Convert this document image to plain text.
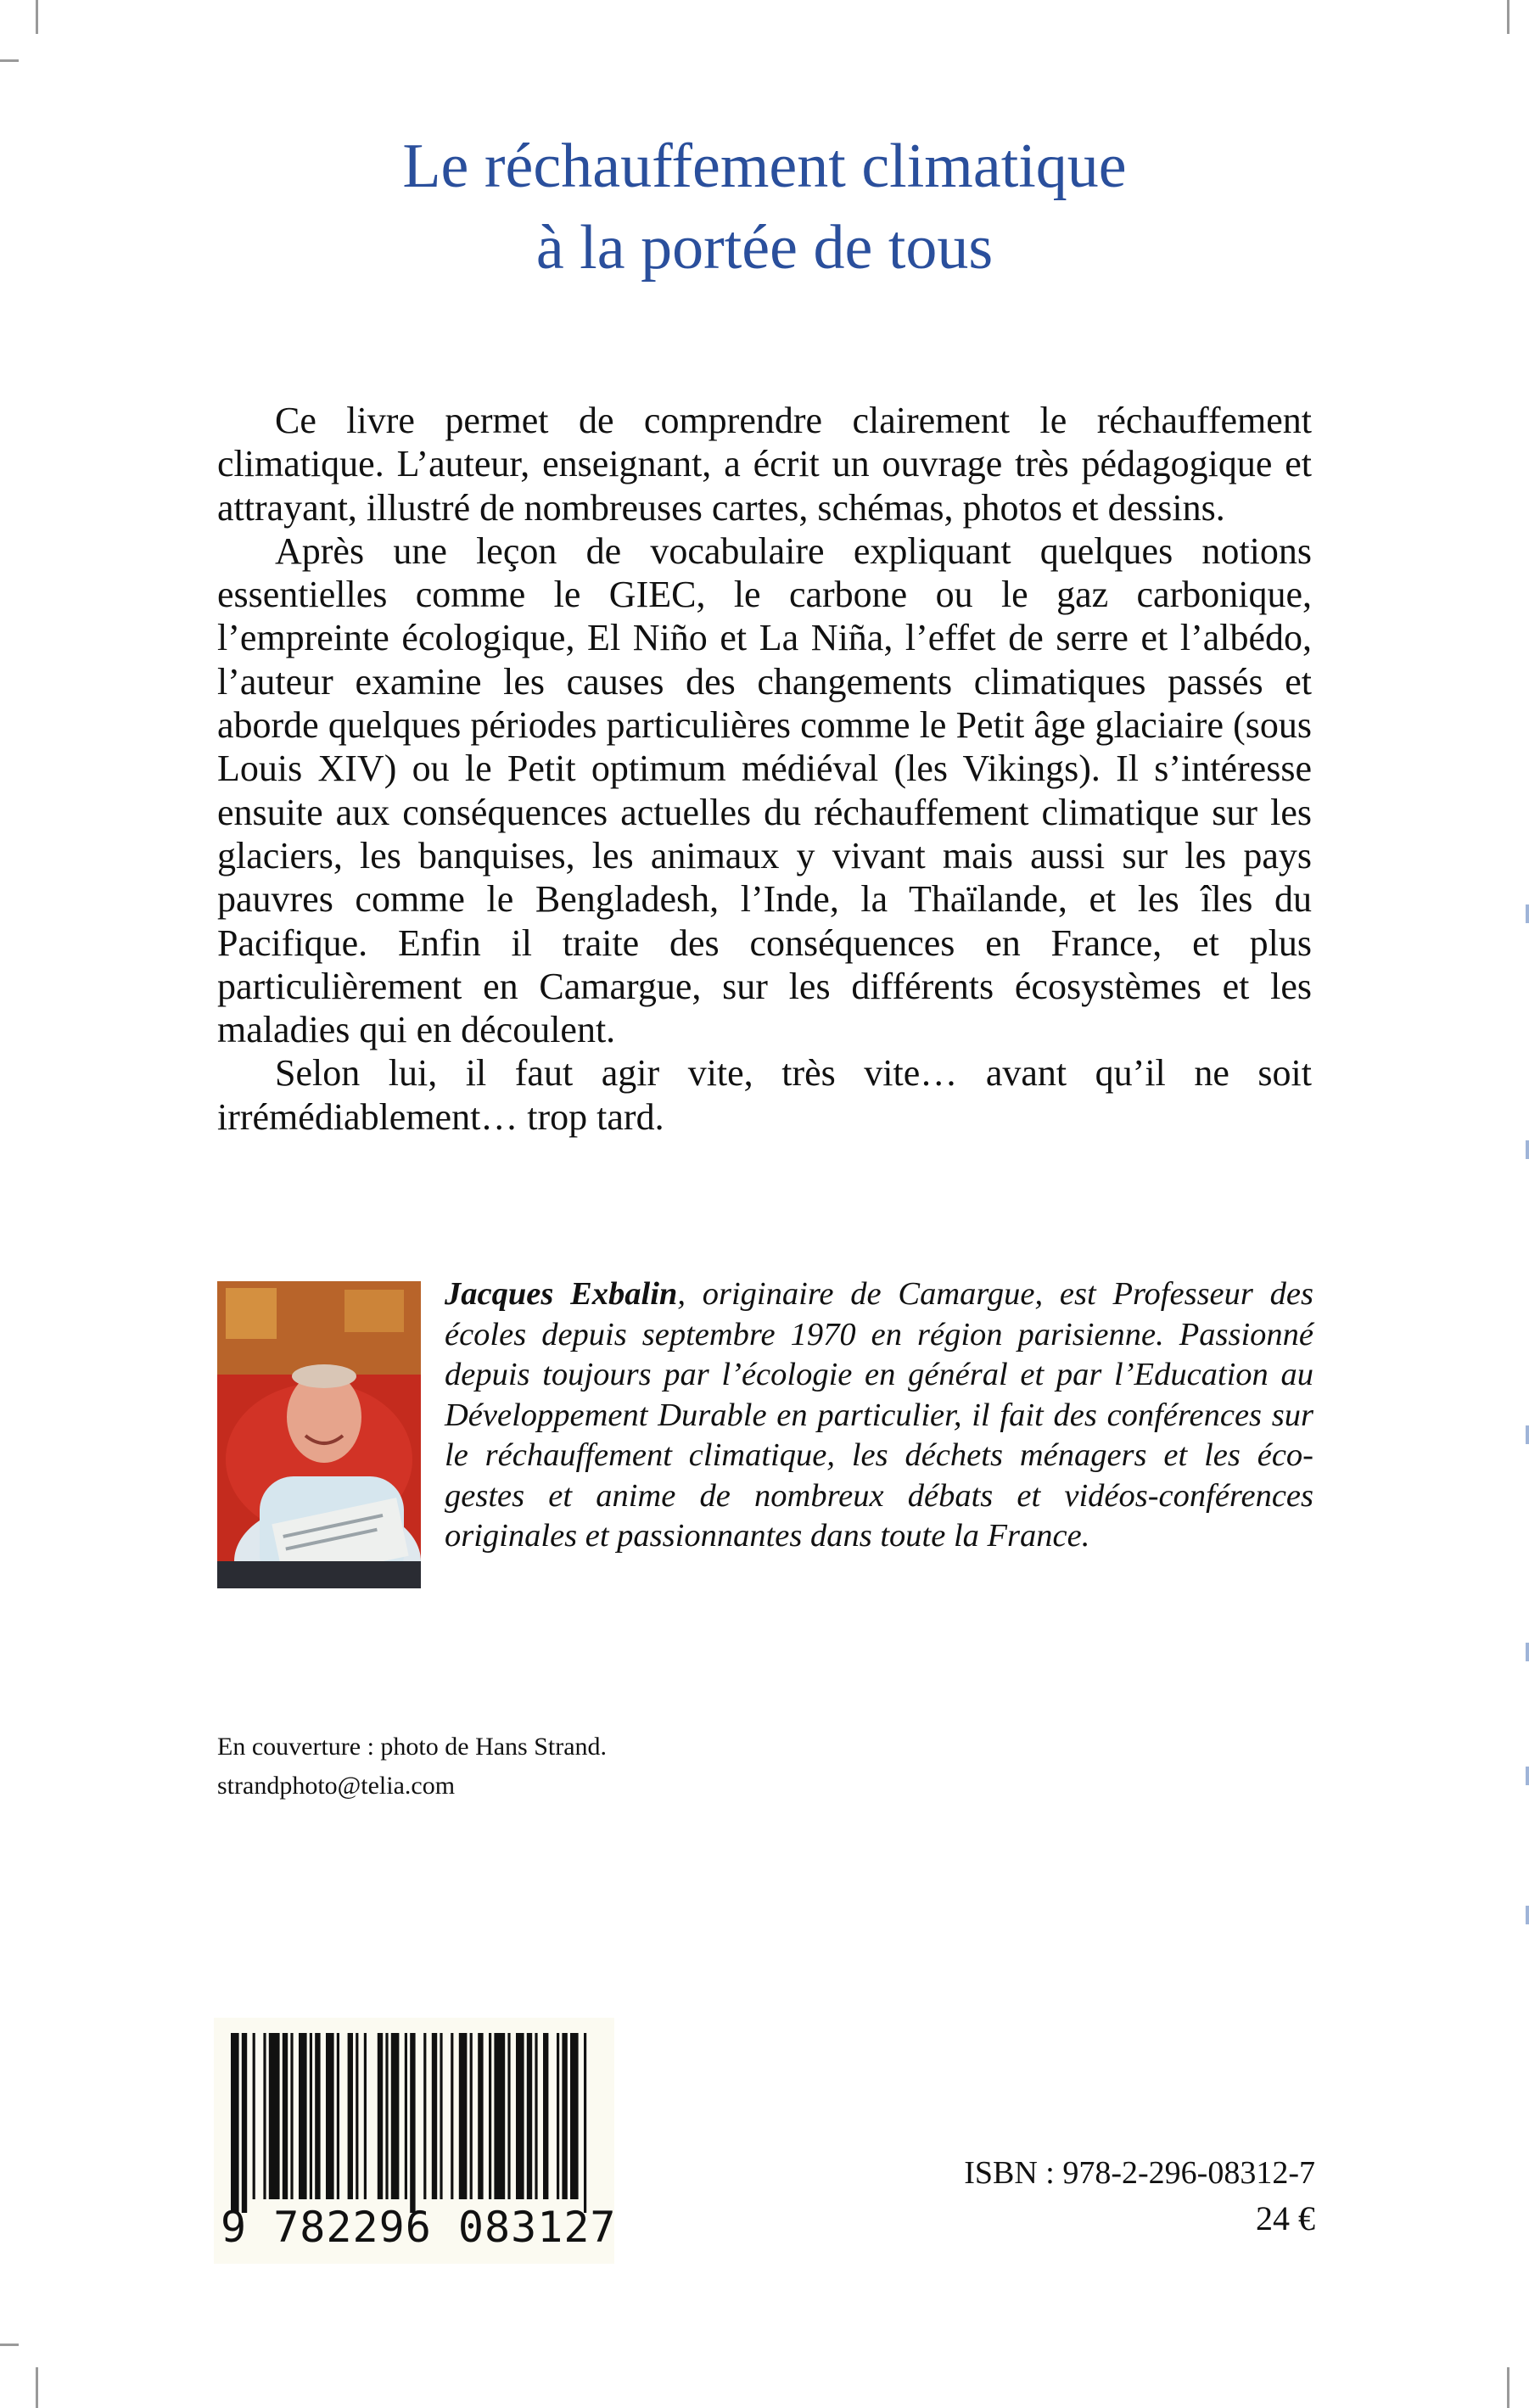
Le réchauffement climatique
à la portée de tous

Ce livre permet de comprendre clairement le réchauffement climatique. L’auteur, enseignant, a écrit un ouvrage très pédagogique et attrayant, illustré de nombreuses cartes, schémas, photos et dessins.

Après une leçon de vocabulaire expliquant quelques notions essentielles comme le GIEC, le carbone ou le gaz carbonique, l’empreinte écologique, El Niño et La Niña, l’effet de serre et l’albédo, l’auteur examine les causes des changements climatiques passés et aborde quelques périodes particulières comme le Petit âge glaciaire (sous Louis XIV) ou le Petit optimum médiéval (les Vikings). Il s’intéresse ensuite aux conséquences actuelles du réchauffement climatique sur les glaciers, les banquises, les animaux y vivant mais aussi sur les pays pauvres comme le Bengladesh, l’Inde, la Thaïlande, et les îles du Pacifique. Enfin il traite des conséquences en France, et plus particulièrement en Camargue, sur les différents écosystèmes et les maladies qui en découlent.

Selon lui, il faut agir vite, très vite… avant qu’il ne soit irrémédiablement… trop tard.

Jacques Exbalin, originaire de Camargue, est Professeur des écoles depuis septembre 1970 en région parisienne. Passionné depuis toujours par l’écologie en général et par l’Education au Développement Durable en particulier, il fait des conférences sur le réchauffement climatique, les déchets ménagers et les éco-gestes et anime de nombreux débats et vidéos-conférences originales et passionnantes dans toute la France.

En couverture : photo de Hans Strand.
strandphoto@telia.com
9 782296 083127
ISBN : 978-2-296-08312-7
24 €
